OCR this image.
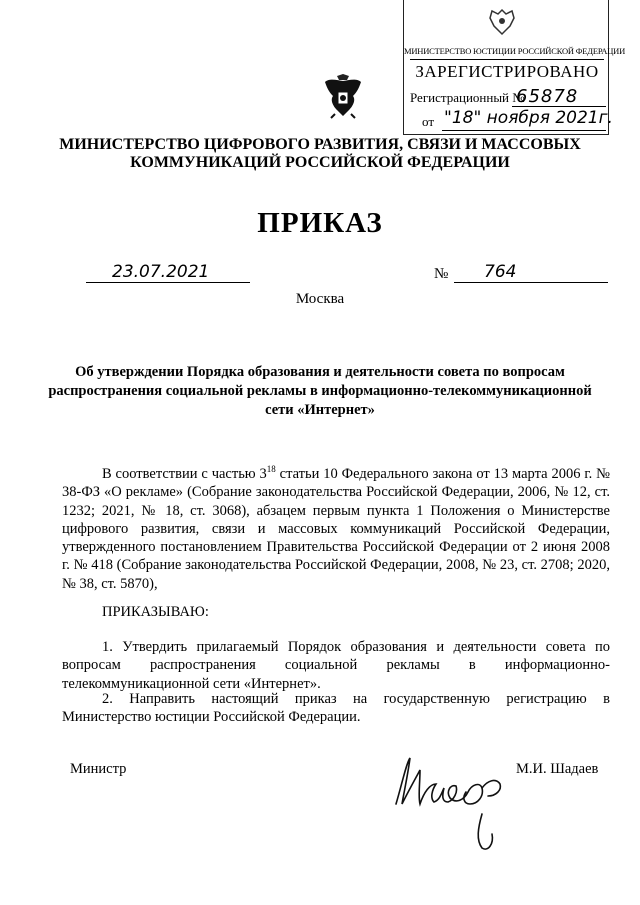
МИНИСТЕРСТВО ЮСТИЦИИ РОССИЙСКОЙ ФЕДЕРАЦИИ
ЗАРЕГИСТРИРОВАНО
Регистрационный №
65878
от "18" ноября 2021г.
МИНИСТЕРСТВО ЦИФРОВОГО РАЗВИТИЯ, СВЯЗИ И МАССОВЫХ КОММУНИКАЦИЙ РОССИЙСКОЙ ФЕДЕРАЦИИ
ПРИКАЗ
23.07.2021	№ 764
Москва
Об утверждении Порядка образования и деятельности совета по вопросам распространения социальной рекламы в информационно-телекоммуникационной сети «Интернет»
В соответствии с частью $3^{18}$ статьи 10 Федерального закона от 13 марта 2006 г. № 38-ФЗ «О рекламе» (Собрание законодательства Российской Федерации, 2006, № 12, ст. 1232; 2021, № 18, ст. 3068), абзацем первым пункта 1 Положения о Министерстве цифрового развития, связи и массовых коммуникаций Российской Федерации, утвержденного постановлением Правительства Российской Федерации от 2 июня 2008 г. № 418 (Собрание законодательства Российской Федерации, 2008, № 23, ст. 2708; 2020, № 38, ст. 5870),
ПРИКАЗЫВАЮ:
1. Утвердить прилагаемый Порядок образования и деятельности совета по вопросам распространения социальной рекламы в информационно-телекоммуникационной сети «Интернет».
2. Направить настоящий приказ на государственную регистрацию в Министерство юстиции Российской Федерации.
Министр	М.И. Шадаев
